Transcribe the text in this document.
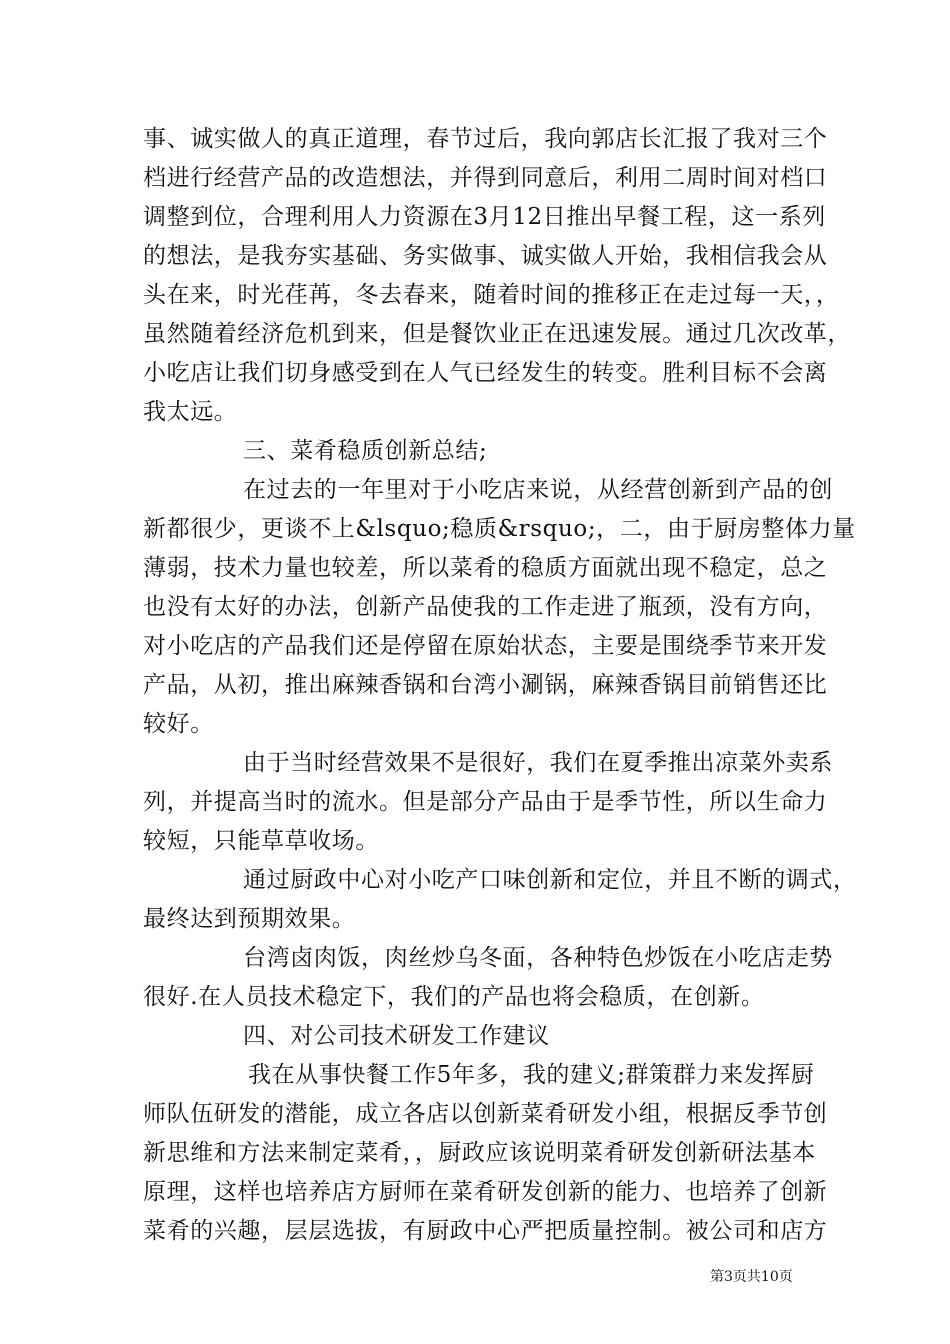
事、诚实做人的真正道理，春节过后，我向郭店长汇报了我对三个
档进行经营产品的改造想法，并得到同意后，利用二周时间对档口
调整到位，合理利用人力资源在3月12日推出早餐工程，这一系列
的想法，是我夯实基础、务实做事、诚实做人开始，我相信我会从
头在来，时光荏苒，冬去春来，随着时间的推移正在走过每一天，，
虽然随着经济危机到来，但是餐饮业正在迅速发展。通过几次改革，
小吃店让我们切身感受到在人气已经发生的转变。胜利目标不会离
我太远。
三、菜肴稳质创新总结;
在过去的一年里对于小吃店来说，从经营创新到产品的创
新都很少，更谈不上&lsquo;稳质&rsquo;，二，由于厨房整体力量
薄弱，技术力量也较差，所以菜肴的稳质方面就出现不稳定，总之
也没有太好的办法，创新产品使我的工作走进了瓶颈，没有方向，
对小吃店的产品我们还是停留在原始状态，主要是围绕季节来开发
产品，从初，推出麻辣香锅和台湾小涮锅，麻辣香锅目前销售还比
较好。
由于当时经营效果不是很好，我们在夏季推出凉菜外卖系
列，并提高当时的流水。但是部分产品由于是季节性，所以生命力
较短，只能草草收场。
通过厨政中心对小吃产口味创新和定位，并且不断的调式，
最终达到预期效果。
台湾卤肉饭，肉丝炒乌冬面，各种特色炒饭在小吃店走势
很好.在人员技术稳定下，我们的产品也将会稳质，在创新。
四、对公司技术研发工作建议
我在从事快餐工作5年多，我的建义;群策群力来发挥厨
师队伍研发的潜能，成立各店以创新菜肴研发小组，根据反季节创
新思维和方法来制定菜肴，，厨政应该说明菜肴研发创新研法基本
原理，这样也培养店方厨师在菜肴研发创新的能力、也培养了创新
菜肴的兴趣，层层选拔，有厨政中心严把质量控制。被公司和店方
第3页共10页
